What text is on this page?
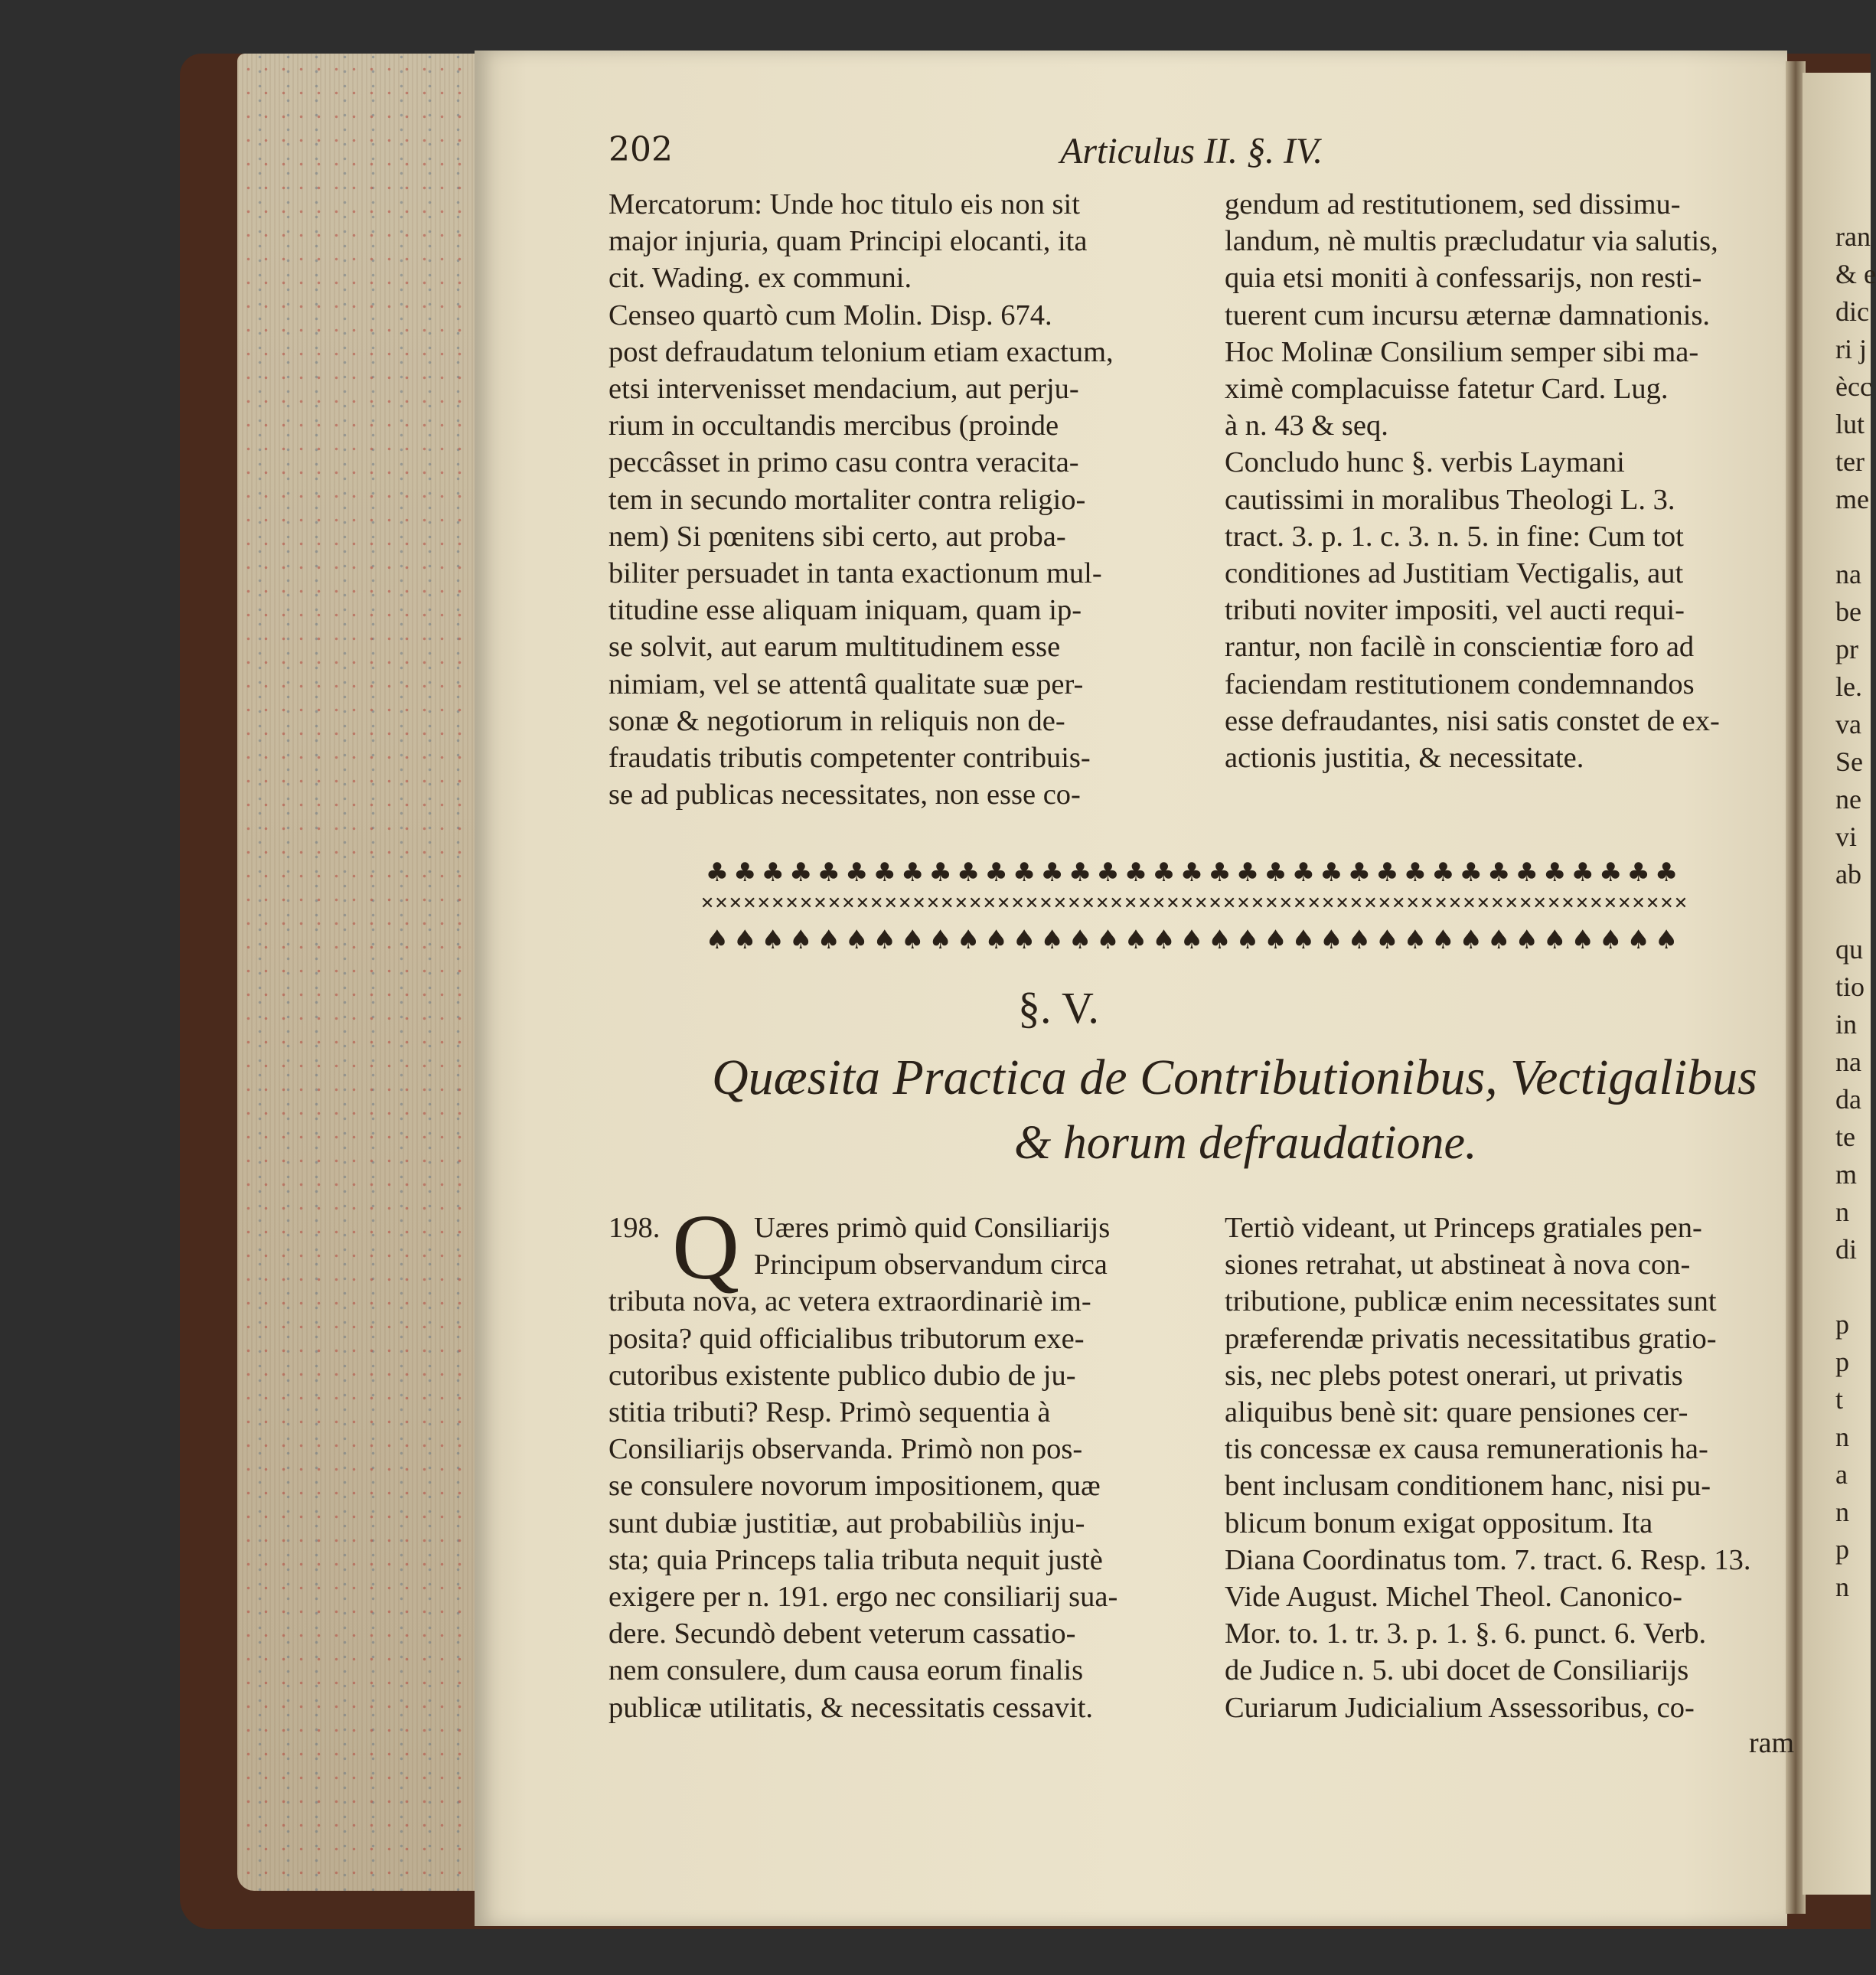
ran
& e
dic
ri j
ècc
lut
ter
me

na
be
pr
le.
va
Se
ne
vi
ab

qu
tio
in
na
da
te
m
n
di

p
p
t
n
a
n
p
n
202	Articulus II. §. IV.
Mercatorum: Unde hoc titulo eis non sit
major injuria, quam Principi elocanti, ita
cit. Wading. ex communi.
Censeo quartò cum Molin. Disp. 674.
post defraudatum telonium etiam exactum,
etsi intervenisset mendacium, aut perju-
rium in occultandis mercibus (proinde
peccâsset in primo casu contra veracita-
tem in secundo mortaliter contra religio-
nem) Si pœnitens sibi certo, aut proba-
biliter persuadet in tanta exactionum mul-
titudine esse aliquam iniquam, quam ip-
se solvit, aut earum multitudinem esse
nimiam, vel se attentâ qualitate suæ per-
sonæ & negotiorum in reliquis non de-
fraudatis tributis competenter contribuis-
se ad publicas necessitates, non esse co-
gendum ad restitutionem, sed dissimu-
landum, nè multis præcludatur via salutis,
quia etsi moniti à confessarijs, non resti-
tuerent cum incursu æternæ damnationis.
Hoc Molinæ Consilium semper sibi ma-
ximè complacuisse fatetur Card. Lug.
à n. 43 & seq.
Concludo hunc §. verbis Laymani
cautissimi in moralibus Theologi L. 3.
tract. 3. p. 1. c. 3. n. 5. in fine: Cum tot
conditiones ad Justitiam Vectigalis, aut
tributi noviter impositi, vel aucti requi-
rantur, non facilè in conscientiæ foro ad
faciendam restitutionem condemnandos
esse defraudantes, nisi satis constet de ex-
actionis justitia, & necessitate.
♣♣♣♣♣♣♣♣♣♣♣♣♣♣♣♣♣♣♣♣♣♣♣♣♣♣♣♣♣♣♣♣♣♣♣
✕✕✕✕✕✕✕✕✕✕✕✕✕✕✕✕✕✕✕✕✕✕✕✕✕✕✕✕✕✕✕✕✕✕✕✕✕✕✕✕✕✕✕✕✕✕✕✕✕✕✕✕✕✕✕✕✕✕✕✕✕✕✕✕✕✕✕✕✕✕
♠♠♠♠♠♠♠♠♠♠♠♠♠♠♠♠♠♠♠♠♠♠♠♠♠♠♠♠♠♠♠♠♠♠♠
§. V.
Quæsita Practica de Contributionibus, Vectigalibus
& horum defraudatione.
198. Q Uæres primò quid Consiliarijs
Principum observandum circa
tributa nova, ac vetera extraordinariè im-
posita? quid officialibus tributorum exe-
cutoribus existente publico dubio de ju-
stitia tributi? Resp. Primò sequentia à
Consiliarijs observanda. Primò non pos-
se consulere novorum impositionem, quæ
sunt dubiæ justitiæ, aut probabiliùs inju-
sta; quia Princeps talia tributa nequit justè
exigere per n. 191. ergo nec consiliarij sua-
dere. Secundò debent veterum cassatio-
nem consulere, dum causa eorum finalis
publicæ utilitatis, & necessitatis cessavit.
Tertiò videant, ut Princeps gratiales pen-
siones retrahat, ut abstineat à nova con-
tributione, publicæ enim necessitates sunt
præferendæ privatis necessitatibus gratio-
sis, nec plebs potest onerari, ut privatis
aliquibus benè sit: quare pensiones cer-
tis concessæ ex causa remunerationis ha-
bent inclusam conditionem hanc, nisi pu-
blicum bonum exigat oppositum. Ita
Diana Coordinatus tom. 7. tract. 6. Resp. 13.
Vide August. Michel Theol. Canonico-
Mor. to. 1. tr. 3. p. 1. §. 6. punct. 6. Verb.
de Judice n. 5. ubi docet de Consiliarijs
Curiarum Judicialium Assessoribus, co-
ram
